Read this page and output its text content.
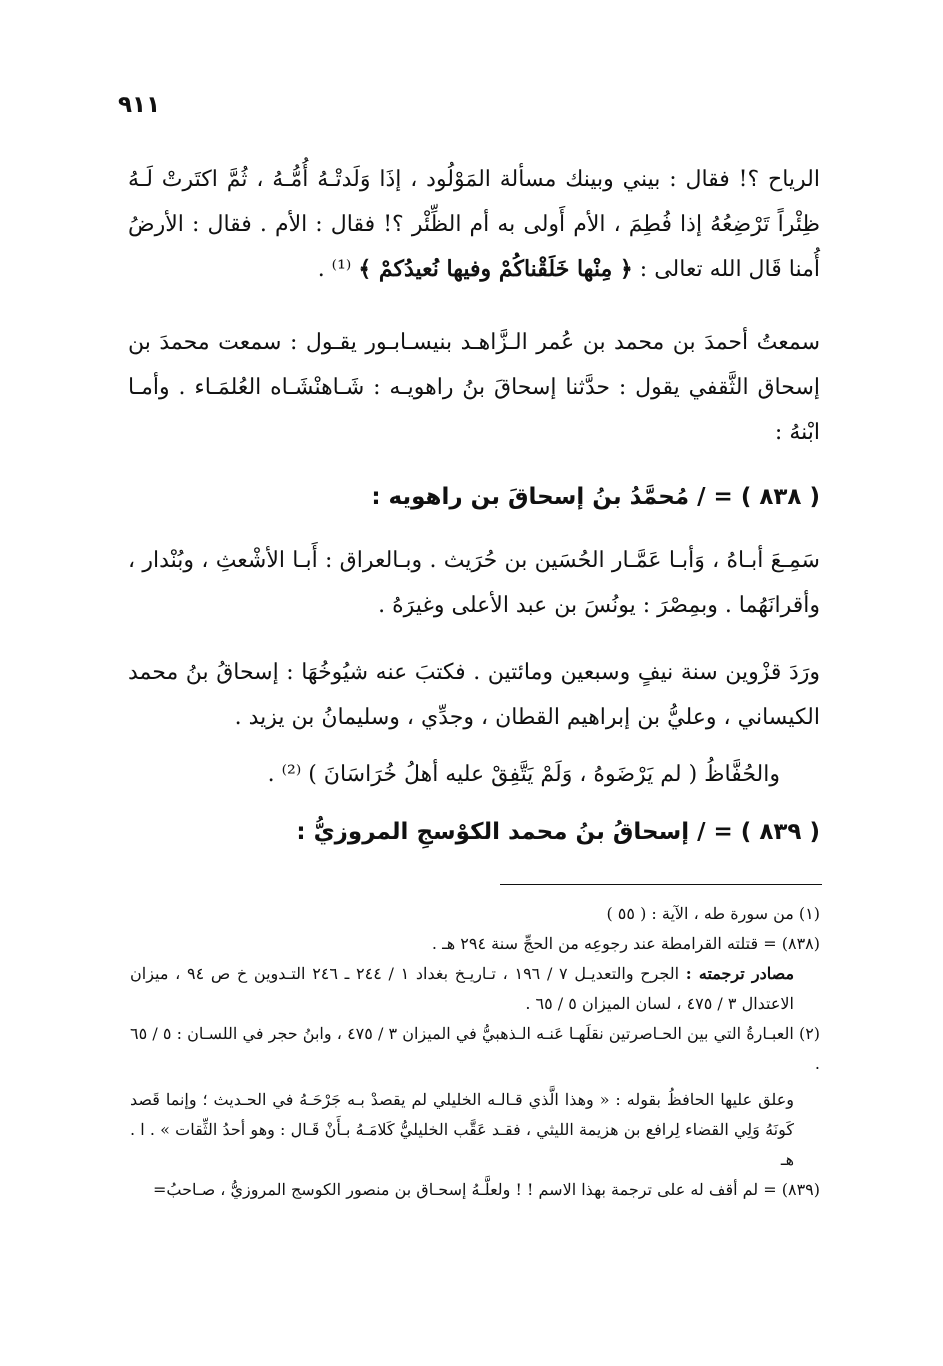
٩١١

الرياح ؟! فقال : بيني وبينك مسألة المَوْلُود ، إذَا وَلَدتْـهُ أُمُّـهُ ، ثُمَّ اكتَرتْ لَـهُ ظِئْراً تَرْضِعُهُ إذا فُطِمَ ، الأم أَولى به أم الظِّئْر ؟! فقال : الأم . فقال : الأرضُ أُمنا قَال الله تعالى : ﴿ مِنْها خَلَقْناكُمْ وفيها نُعيدُكمْ ﴾ ⁽¹⁾ .

سمعتُ أحمدَ بن محمد بن عُمر الـزَّاهـد بنيسـابـور يقـول : سمعت محمدَ بن إسحاق الثَّقفي يقول : حدَّثنا إسحاقَ بنُ راهويـه : شَـاهنْشَـاه العُلمَـاء . وأمـا ابْنهُ :

( ٨٣٨ ) = / مُحمَّدُ بنُ إسحاقَ بن راهويه :

سَمِـعَ أبـاهُ ، وَأبـا عَمَّـار الحُسَين بن حُرَيث . وبـالعراق : أَبـا الأشْعثِ ، وبُنْدار ، وأقرانَهُما . وبمِصْرَ : يونُسَ بن عبد الأعلى وغيرَهُ .

ورَدَ قزْوين سنة نيفٍ وسبعين ومائتين . فكتبَ عنه شيُوخُهَا : إسحاقُ بنُ محمد الكيساني ، وعليُّ بن إبراهيم القطان ، وجدِّي ، وسليمانُ بن يزيد .

والحُفَّاظُ ( لم يَرْضَوهُ ، وَلَمْ يَتَّفِقْ عليه أهلُ خُرَاسَانَ ) ⁽²⁾ .

( ٨٣٩ ) = / إسحاقُ بنُ محمد الكوْسجِ المروزيُّ :

(١) من سورة طه ، الآية : ( ٥٥ )

(٨٣٨) = قتلته القرامطة عند رجوعِه من الحجِّ سنة ٢٩٤ هـ .

مصادر ترجمته : الجرح والتعديـل ٧ / ١٩٦ ، تـاريـخ بغداد ١ / ٢٤٤ ـ ٢٤٦ التـدوين خ ص ٩٤ ، ميزان الاعتدال ٣ / ٤٧٥ ، لسان الميزان ٥ / ٦٥ .

(٢) العبـارةُ التي بين الحـاصرتين نقلَهـا عَنـه الـذهبيُّ في الميزان ٣ / ٤٧٥ ، وابنُ حجر في اللسـان : ٥ / ٦٥ .

وعلق عليها الحافظُ بقوله : « وهذا الَّذي قـالـه الخليلي لم يقصدْ بـه جَرْحَـهُ في الحـديث ؛ وإنما قَصد كَونَهُ وَلِي القضاء لِرافع بن هزيمة الليثي ، فقـد عَقَّب الخليليُّ كَلامَـهُ بـأَنْ قَـال : وهو أحدُ الثِّقات » . ا . هـ

(٨٣٩) = لم أقف له على ترجمة بهذا الاسم ! ! ولعلَّـهُ إسحـاق بن منصور الكوسج المروزيُّ ، صـاحبُ=
